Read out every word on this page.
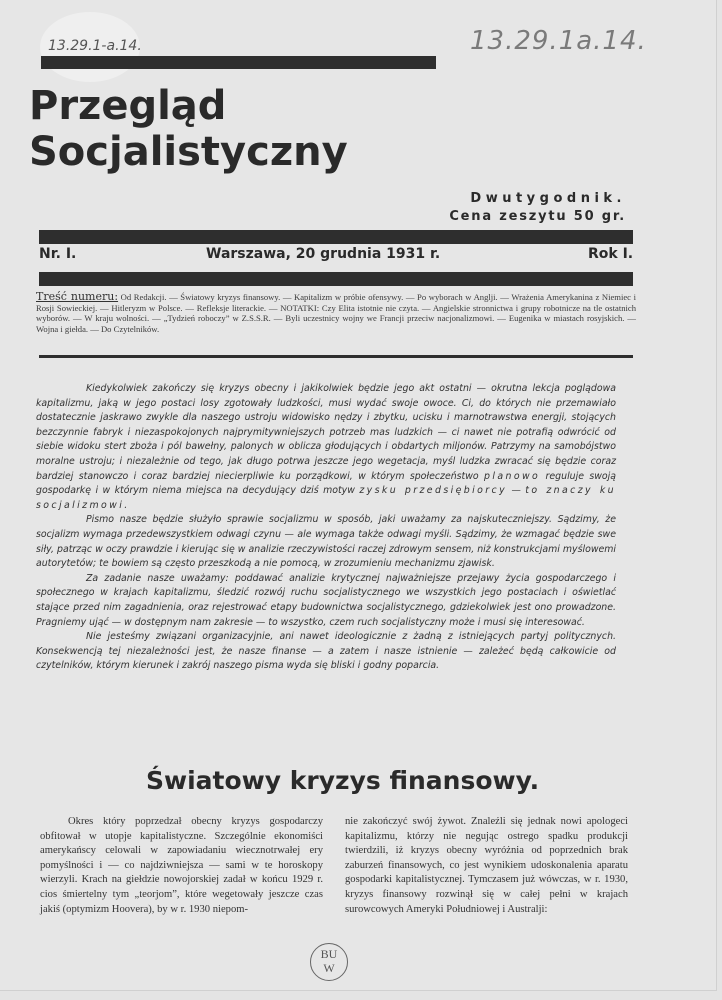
13.29.1-a.14.	13.29.1a.14.
Przegląd
Socjalistyczny
Dwutygodnik.
Cena zeszytu 50 gr.
Nr. I.	Warszawa, 20 grudnia 1931 r.	Rok I.
Treść numeru: Od Redakcji. — Światowy kryzys finansowy. — Kapitalizm w próbie ofensywy. — Po wyborach w Anglji. — Wrażenia Amerykanina z Niemiec i Rosji Sowieckiej. — Hitleryzm w Polsce. — Refleksje literackie. — NOTATKI: Czy Elita istotnie nie czyta. — Angielskie stronnictwa i grupy robotnicze na tle ostatnich wyborów. — W kraju wolności. — „Tydzień roboczy” w Z.S.S.R. — Byli uczestnicy wojny we Francji przeciw nacjonalizmowi. — Eugenika w miastach rosyjskich. — Wojna i giełda. — Do Czytelników.

Kiedykolwiek zakończy się kryzys obecny i jakikolwiek będzie jego akt ostatni — okrutna lekcja poglądowa kapitalizmu, jaką w jego postaci losy zgotowały ludzkości, musi wydać swoje owoce. Ci, do których nie przemawiało dostatecznie jaskrawo zwykle dla naszego ustroju widowisko nędzy i zbytku, ucisku i marnotrawstwa energji, stojących bezczynnie fabryk i niezaspokojonych najprymitywniejszych potrzeb mas ludzkich — ci nawet nie potrafią odwrócić od siebie widoku stert zboża i pól bawełny, palonych w oblicza głodujących i obdartych miljonów. Patrzymy na samobójstwo moralne ustroju; i niezależnie od tego, jak długo potrwa jeszcze jego wegetacja, myśl ludzka zwracać się będzie coraz bardziej stanowczo i coraz bardziej niecierpliwie ku porządkowi, w którym społeczeństwo planowo reguluje swoją gospodarkę i w którym niema miejsca na decydujący dziś motyw zysku przedsiębiorcy — to znaczy ku socjalizmowi.

Pismo nasze będzie służyło sprawie socjalizmu w sposób, jaki uważamy za najskuteczniejszy. Sądzimy, że socjalizm wymaga przedewszystkiem odwagi czynu — ale wymaga także odwagi myśli. Sądzimy, że wzmagać będzie swe siły, patrząc w oczy prawdzie i kierując się w analizie rzeczywistości raczej zdrowym sensem, niż konstrukcjami myślowemi autorytetów; te bowiem są często przeszkodą a nie pomocą, w zrozumieniu mechanizmu zjawisk.

Za zadanie nasze uważamy: poddawać analizie krytycznej najważniejsze przejawy życia gospodarczego i społecznego w krajach kapitalizmu, śledzić rozwój ruchu socjalistycznego we wszystkich jego postaciach i oświetlać stające przed nim zagadnienia, oraz rejestrować etapy budownictwa socjalistycznego, gdziekolwiek jest ono prowadzone. Pragniemy ująć — w dostępnym nam zakresie — to wszystko, czem ruch socjalistyczny może i musi się interesować.

Nie jesteśmy związani organizacyjnie, ani nawet ideologicznie z żadną z istniejących partyj politycznych. Konsekwencją tej niezależności jest, że nasze finanse — a zatem i nasze istnienie — zależeć będą całkowicie od czytelników, którym kierunek i zakrój naszego pisma wyda się bliski i godny poparcia.

Światowy kryzys finansowy.

Okres który poprzedzał obecny kryzys gospodarczy obfitował w utopje kapitalistyczne. Szczególnie ekonomiści amerykańscy celowali w zapowiadaniu wiecznotrwałej ery pomyślności i — co najdziwniejsza — sami w te horoskopy wierzyli. Krach na giełdzie nowojorskiej zadał w końcu 1929 r. cios śmiertelny tym „teorjom”, które wegetowały jeszcze czas jakiś (optymizm Hoovera), by w r. 1930 niepom-

nie zakończyć swój żywot. Znaleźli się jednak nowi apologeci kapitalizmu, którzy nie negując ostrego spadku produkcji twierdzili, iż kryzys obecny wyróżnia od poprzednich brak zaburzeń finansowych, co jest wynikiem udoskonalenia aparatu gospodarki kapitalistycznej. Tymczasem już wówczas, w r. 1930, kryzys finansowy rozwinął się w całej pełni w krajach surowcowych Ameryki Południowej i Australji:

BU
W
